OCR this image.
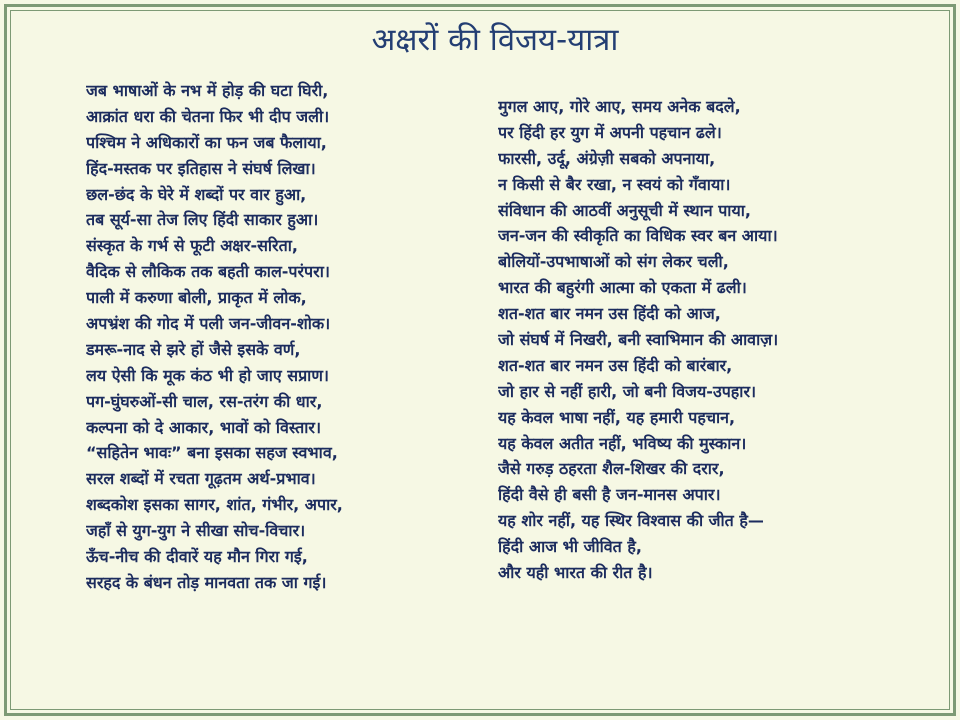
अक्षरों की विजय-यात्रा
जब भाषाओं के नभ में होड़ की घटा घिरी,
आक्रांत धरा की चेतना फिर भी दीप जली।
पश्चिम ने अधिकारों का फन जब फैलाया,
हिंद-मस्तक पर इतिहास ने संघर्ष लिखा।
छल-छंद के घेरे में शब्दों पर वार हुआ,
तब सूर्य-सा तेज लिए हिंदी साकार हुआ।
संस्कृत के गर्भ से फूटी अक्षर-सरिता,
वैदिक से लौकिक तक बहती काल-परंपरा।
पाली में करुणा बोली, प्राकृत में लोक,
अपभ्रंश की गोद में पली जन-जीवन-शोक।
डमरू-नाद से झरे हों जैसे इसके वर्ण,
लय ऐसी कि मूक कंठ भी हो जाए सप्राण।
पग-घुंघरुओं-सी चाल, रस-तरंग की धार,
कल्पना को दे आकार, भावों को विस्तार।
“सहितेन भावः” बना इसका सहज स्वभाव,
सरल शब्दों में रचता गूढ़तम अर्थ-प्रभाव।
शब्दकोश इसका सागर, शांत, गंभीर, अपार,
जहाँ से युग-युग ने सीखा सोच-विचार।
ऊँच-नीच की दीवारें यह मौन गिरा गई,
सरहद के बंधन तोड़ मानवता तक जा गई।
मुगल आए, गोरे आए, समय अनेक बदले,
पर हिंदी हर युग में अपनी पहचान ढले।
फारसी, उर्दू, अंग्रेज़ी सबको अपनाया,
न किसी से बैर रखा, न स्वयं को गँवाया।
संविधान की आठवीं अनुसूची में स्थान पाया,
जन-जन की स्वीकृति का विधिक स्वर बन आया।
बोलियों-उपभाषाओं को संग लेकर चली,
भारत की बहुरंगी आत्मा को एकता में ढली।
शत-शत बार नमन उस हिंदी को आज,
जो संघर्ष में निखरी, बनी स्वाभिमान की आवाज़।
शत-शत बार नमन उस हिंदी को बारंबार,
जो हार से नहीं हारी, जो बनी विजय-उपहार।
यह केवल भाषा नहीं, यह हमारी पहचान,
यह केवल अतीत नहीं, भविष्य की मुस्कान।
जैसे गरुड़ ठहरता शैल-शिखर की दरार,
हिंदी वैसे ही बसी है जन-मानस अपार।
यह शोर नहीं, यह स्थिर विश्वास की जीत है—
हिंदी आज भी जीवित है,
और यही भारत की रीत है।
